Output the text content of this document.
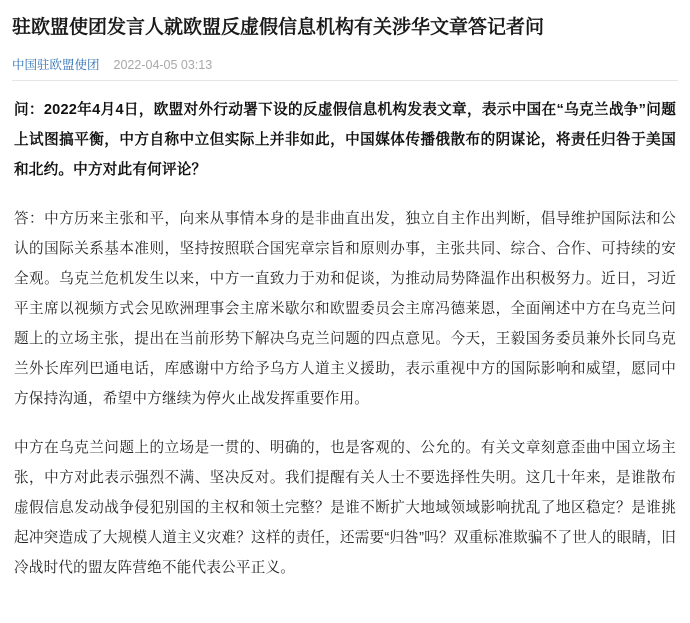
驻欧盟使团发言人就欧盟反虚假信息机构有关涉华文章答记者问
中国驻欧盟使团 2022-04-05 03:13

问：2022年4月4日，欧盟对外行动署下设的反虚假信息机构发表文章，表示中国在“乌克兰战争”问题上试图搞平衡，中方自称中立但实际上并非如此，中国媒体传播俄散布的阴谋论，将责任归咎于美国和北约。中方对此有何评论？

答：中方历来主张和平，向来从事情本身的是非曲直出发，独立自主作出判断，倡导维护国际法和公认的国际关系基本准则，坚持按照联合国宪章宗旨和原则办事，主张共同、综合、合作、可持续的安全观。乌克兰危机发生以来，中方一直致力于劝和促谈，为推动局势降温作出积极努力。近日，习近平主席以视频方式会见欧洲理事会主席米歇尔和欧盟委员会主席冯德莱恩，全面阐述中方在乌克兰问题上的立场主张，提出在当前形势下解决乌克兰问题的四点意见。今天，王毅国务委员兼外长同乌克兰外长库列巴通电话，库感谢中方给予乌方人道主义援助，表示重视中方的国际影响和威望，愿同中方保持沟通，希望中方继续为停火止战发挥重要作用。

中方在乌克兰问题上的立场是一贯的、明确的，也是客观的、公允的。有关文章刻意歪曲中国立场主张，中方对此表示强烈不满、坚决反对。我们提醒有关人士不要选择性失明。这几十年来，是谁散布虚假信息发动战争侵犯别国的主权和领土完整？是谁不断扩大地域领域影响扰乱了地区稳定？是谁挑起冲突造成了大规模人道主义灾难？这样的责任，还需要“归咎”吗？双重标准欺骗不了世人的眼睛，旧冷战时代的盟友阵营绝不能代表公平正义。
